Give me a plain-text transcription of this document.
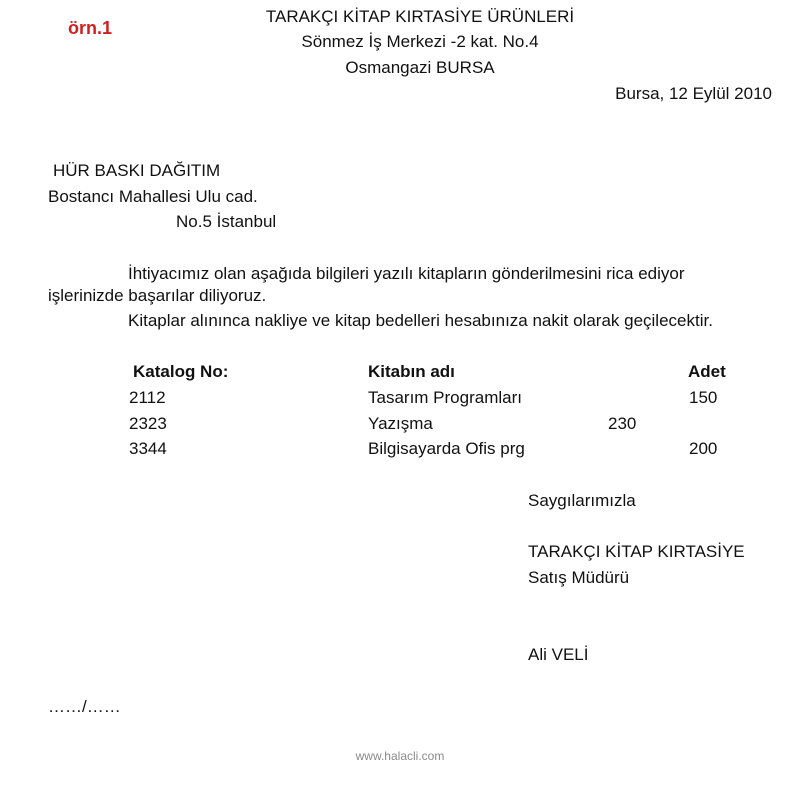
örn.1
TARAKÇI KİTAP KIRTASİYE ÜRÜNLERİ
Sönmez İş Merkezi -2 kat. No.4
Osmangazi BURSA
Bursa, 12 Eylül 2010
HÜR BASKI DAĞITIM
Bostancı Mahallesi Ulu cad.
No.5 İstanbul
İhtiyacımız olan aşağıda bilgileri yazılı kitapların gönderilmesini rica ediyor
işlerinizde başarılar diliyoruz.
Kitaplar alınınca nakliye ve kitap bedelleri hesabınıza nakit olarak geçilecektir.
Katalog No:	Kitabın adı	Adet
2112	Tasarım Programları	150
2323	Yazışma	230
3344	Bilgisayarda Ofis prg	200
Saygılarımızla
TARAKÇI KİTAP KIRTASİYE
Satış Müdürü
Ali VELİ
……/……
www.halacli.com
